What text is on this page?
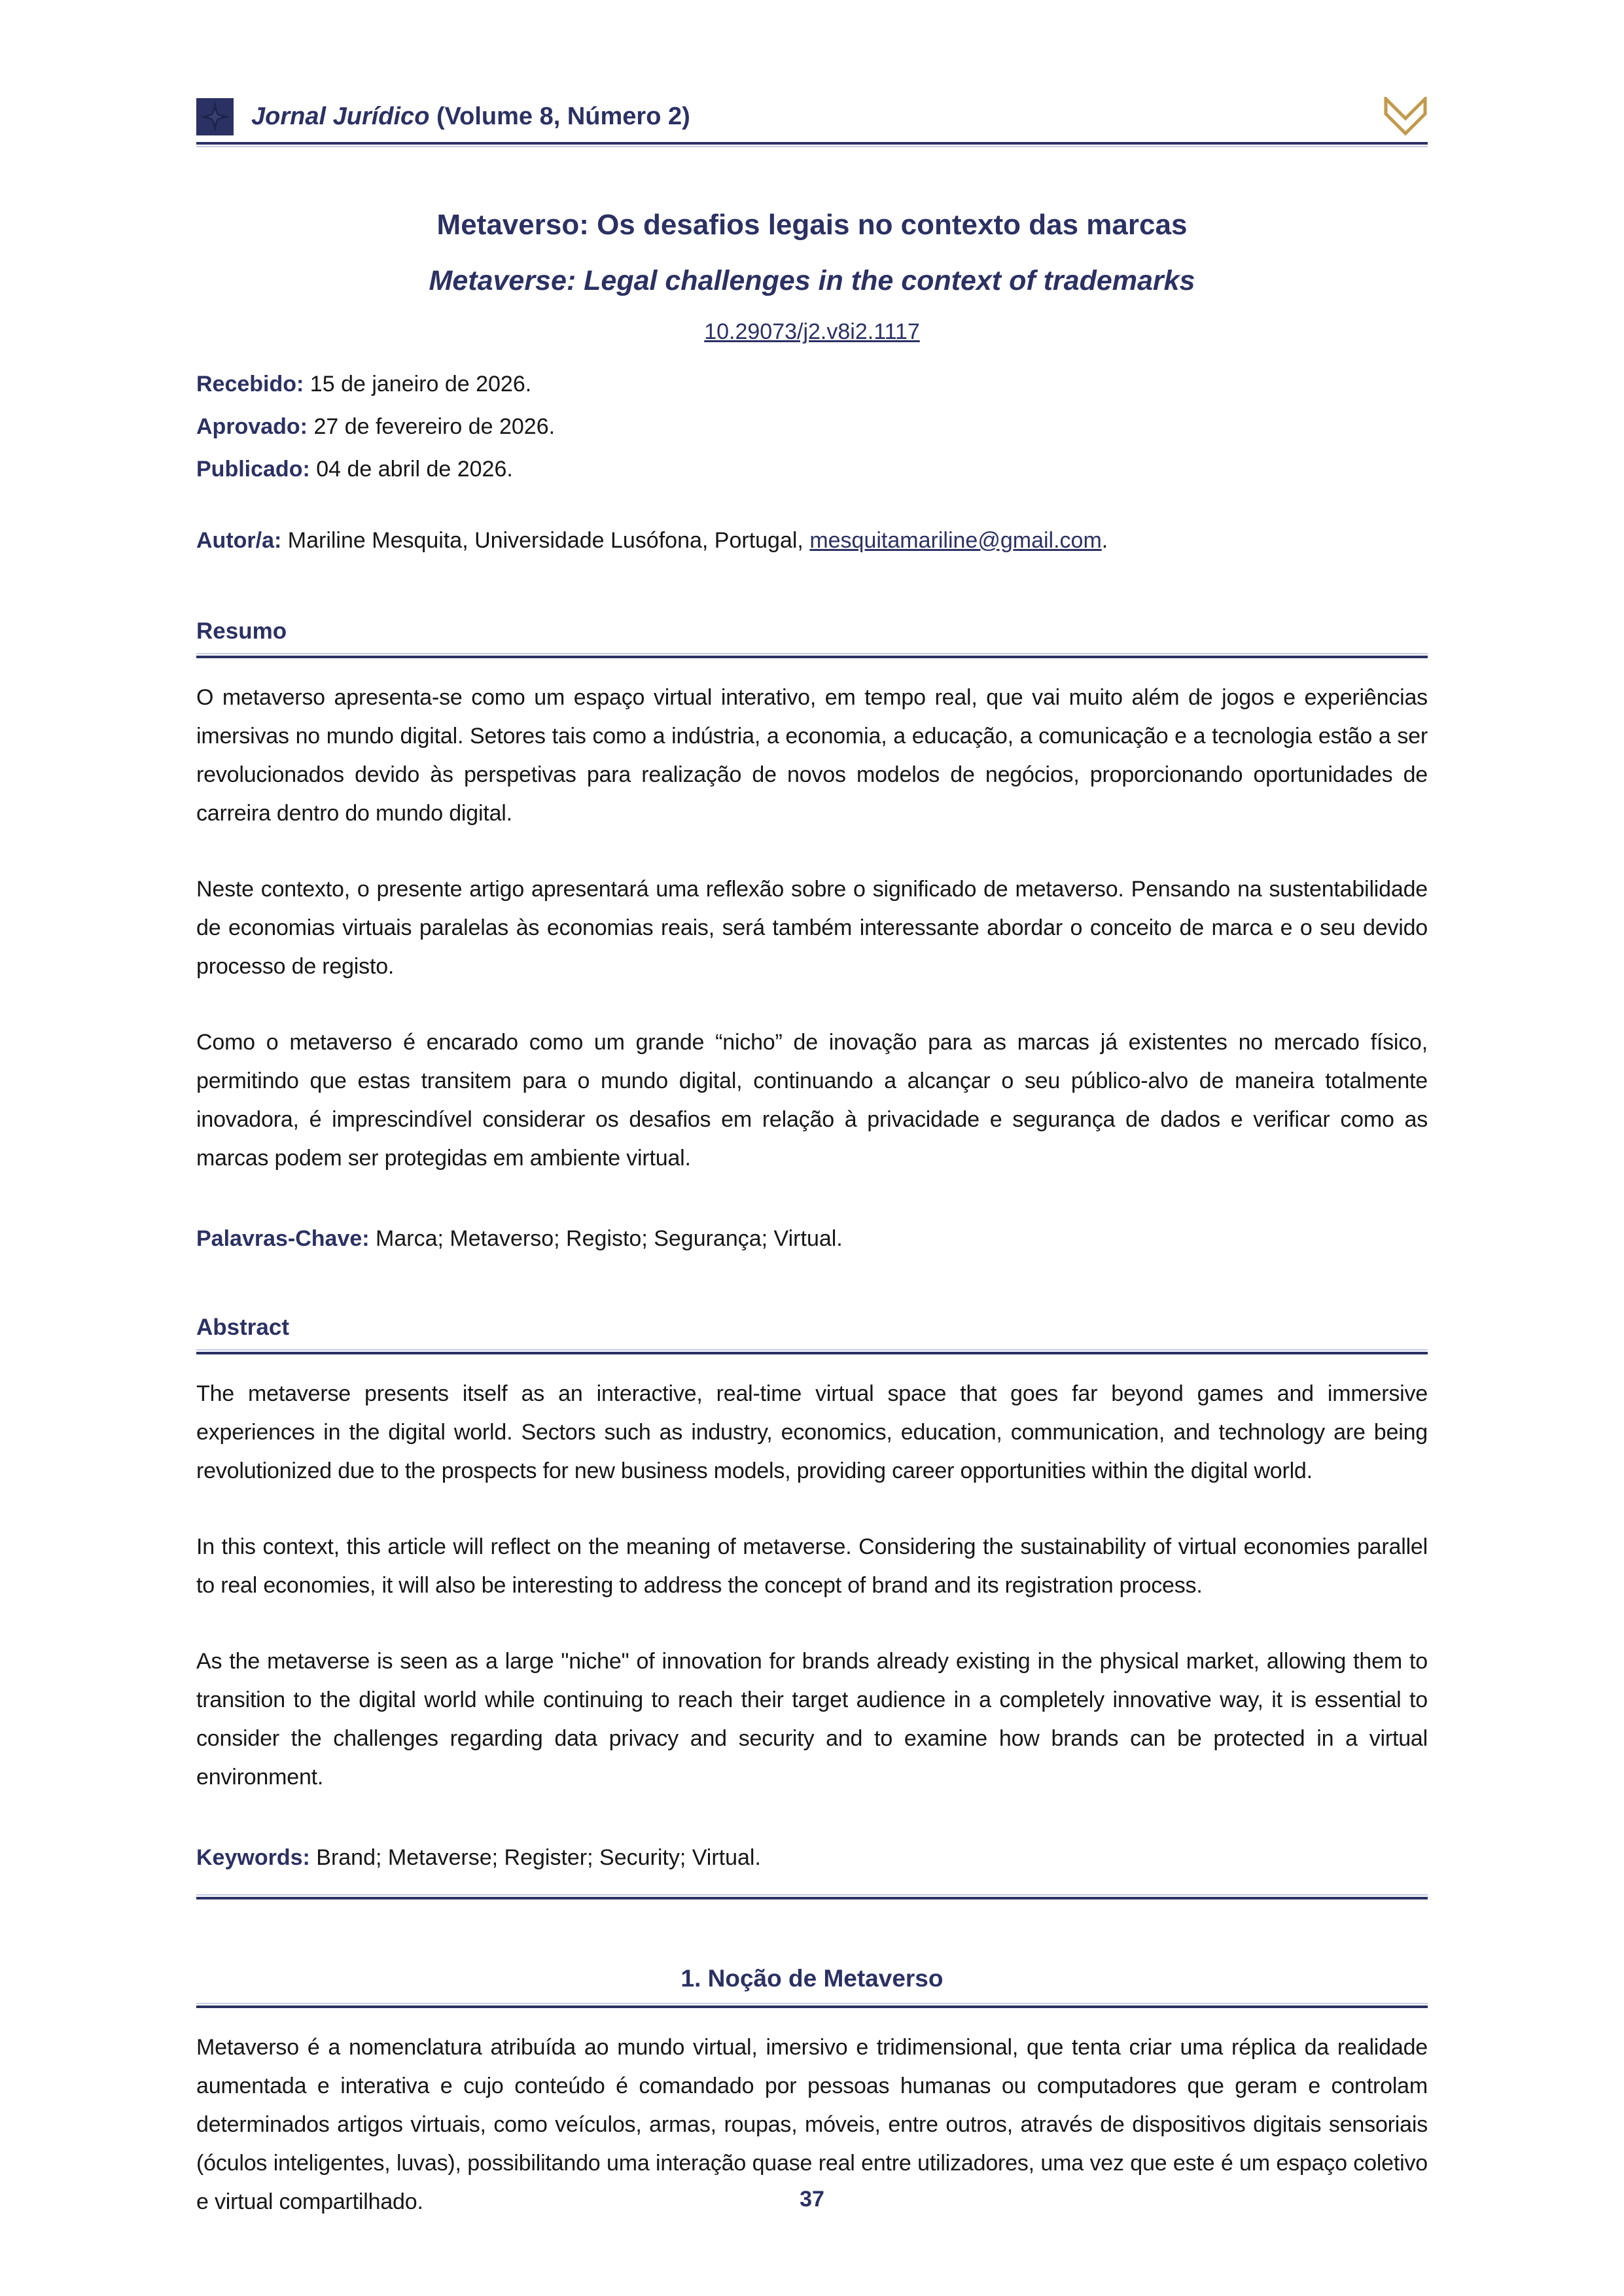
Jornal Jurídico (Volume 8, Número 2)
Metaverso: Os desafios legais no contexto das marcas
Metaverse: Legal challenges in the context of trademarks
10.29073/j2.v8i2.1117
Recebido: 15 de janeiro de 2026.
Aprovado: 27 de fevereiro de 2026.
Publicado: 04 de abril de 2026.
Autor/a: Mariline Mesquita, Universidade Lusófona, Portugal, mesquitamariline@gmail.com.
Resumo

O metaverso apresenta-se como um espaço virtual interativo, em tempo real, que vai muito além de jogos e experiências imersivas no mundo digital. Setores tais como a indústria, a economia, a educação, a comunicação e a tecnologia estão a ser revolucionados devido às perspetivas para realização de novos modelos de negócios, proporcionando oportunidades de carreira dentro do mundo digital.

Neste contexto, o presente artigo apresentará uma reflexão sobre o significado de metaverso. Pensando na sustentabilidade de economias virtuais paralelas às economias reais, será também interessante abordar o conceito de marca e o seu devido processo de registo.

Como o metaverso é encarado como um grande “nicho” de inovação para as marcas já existentes no mercado físico, permitindo que estas transitem para o mundo digital, continuando a alcançar o seu público-alvo de maneira totalmente inovadora, é imprescindível considerar os desafios em relação à privacidade e segurança de dados e verificar como as marcas podem ser protegidas em ambiente virtual.

Palavras-Chave: Marca; Metaverso; Registo; Segurança; Virtual.
Abstract

The metaverse presents itself as an interactive, real-time virtual space that goes far beyond games and immersive experiences in the digital world. Sectors such as industry, economics, education, communication, and technology are being revolutionized due to the prospects for new business models, providing career opportunities within the digital world.

In this context, this article will reflect on the meaning of metaverse. Considering the sustainability of virtual economies parallel to real economies, it will also be interesting to address the concept of brand and its registration process.

As the metaverse is seen as a large "niche" of innovation for brands already existing in the physical market, allowing them to transition to the digital world while continuing to reach their target audience in a completely innovative way, it is essential to consider the challenges regarding data privacy and security and to examine how brands can be protected in a virtual environment.

Keywords: Brand; Metaverse; Register; Security; Virtual.
1. Noção de Metaverso

Metaverso é a nomenclatura atribuída ao mundo virtual, imersivo e tridimensional, que tenta criar uma réplica da realidade aumentada e interativa e cujo conteúdo é comandado por pessoas humanas ou computadores que geram e controlam determinados artigos virtuais, como veículos, armas, roupas, móveis, entre outros, através de dispositivos digitais sensoriais (óculos inteligentes, luvas), possibilitando uma interação quase real entre utilizadores, uma vez que este é um espaço coletivo e virtual compartilhado.	37
